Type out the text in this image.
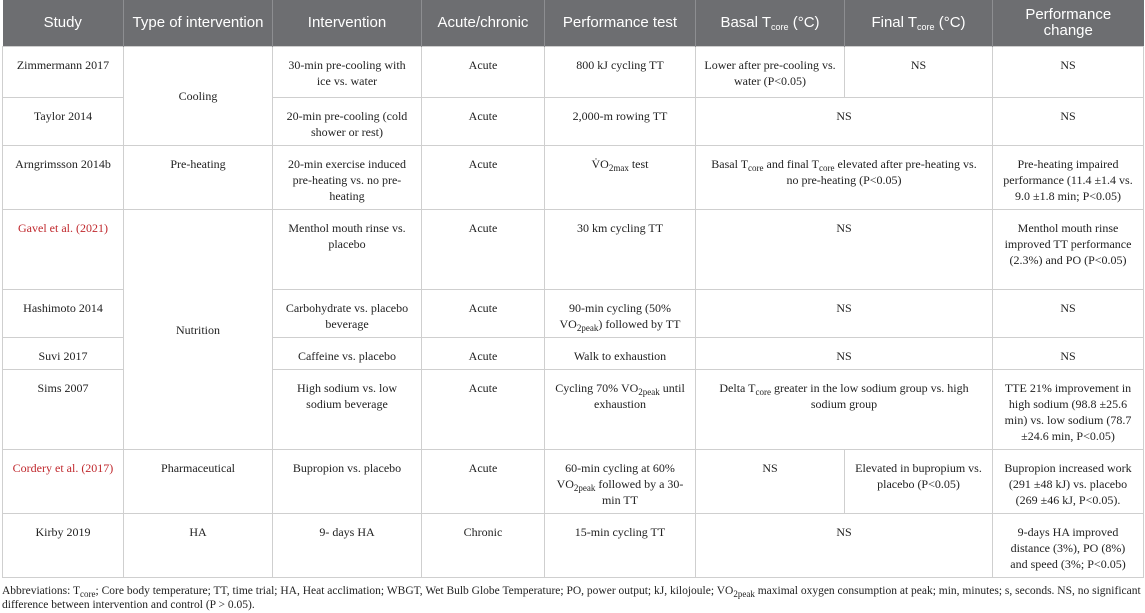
Study	Type of intervention	Intervention	Acute/chronic	Performance test	Basal $T_{core}$ (°C)	Final $T_{core}$ (°C)	Performance change
Zimmermann 2017	Cooling	30-min pre-cooling with ice vs. water	Acute	800 kJ cycling TT	Lower after pre-cooling vs. water (P<0.05)	NS	NS
Taylor 2014		20-min pre-cooling (cold shower or rest)	Acute	2,000-m rowing TT	NS		NS
Arngrimsson 2014b	Pre-heating	20-min exercise induced pre-heating vs. no pre-heating	Acute	$V̇O_{2max}$ test	Basal $T_{core}$ and final $T_{core}$ elevated after pre-heating vs. no pre-heating (P<0.05)		Pre-heating impaired performance (11.4 ±1.4 vs. 9.0 ±1.8 min; P<0.05)
Gavel et al. (2021)	Nutrition	Menthol mouth rinse vs. placebo	Acute	30 km cycling TT	NS		Menthol mouth rinse improved TT performance (2.3%) and PO (P<0.05)
Hashimoto 2014		Carbohydrate vs. placebo beverage	Acute	90-min cycling (50% $VO_{2peak}$) followed by TT	NS		NS
Suvi 2017		Caffeine vs. placebo	Acute	Walk to exhaustion	NS		NS
Sims 2007		High sodium vs. low sodium beverage	Acute	Cycling 70% $VO_{2peak}$ until exhaustion	Delta $T_{core}$ greater in the low sodium group vs. high sodium group		TTE 21% improvement in high sodium (98.8 ±25.6 min) vs. low sodium (78.7 ±24.6 min, P<0.05)
Cordery et al. (2017)	Pharmaceutical	Bupropion vs. placebo	Acute	60-min cycling at 60% $VO_{2peak}$ followed by a 30-min TT	NS	Elevated in bupropium vs. placebo (P<0.05)	Bupropion increased work (291 ±48 kJ) vs. placebo (269 ±46 kJ, P<0.05).
Kirby 2019	HA	9- days HA	Chronic	15-min cycling TT	NS		9-days HA improved distance (3%), PO (8%) and speed (3%; P<0.05)
Abbreviations: $T_{core}$; Core body temperature; TT, time trial; HA, Heat acclimation; WBGT, Wet Bulb Globe Temperature; PO, power output; kJ, kilojoule; $VO_{2peak}$ maximal oxygen consumption at peak; min, minutes; s, seconds. NS, no significant difference between intervention and control (P > 0.05).
